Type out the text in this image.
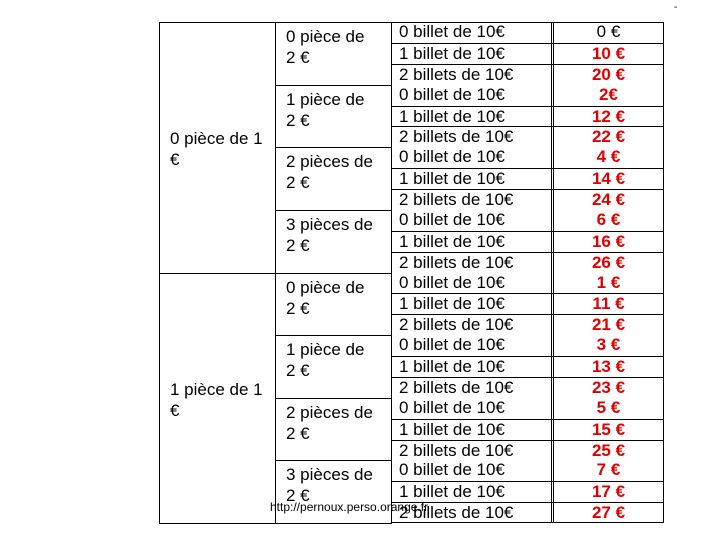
-
0 pièce de 1
€
0 pièce de
2 €
0 billet de 10€	0 €
1 billet de 10€	10 €
2 billets de 10€	20 €
1 pièce de
2 €
0 billet de 10€	2€
1 billet de 10€	12 €
2 billets de 10€	22 €
2 pièces de
2 €
0 billet de 10€	4 €
1 billet de 10€	14 €
2 billets de 10€	24 €
3 pièces de
2 €
0 billet de 10€	6 €
1 billet de 10€	16 €
2 billets de 10€	26 €
1 pièce de 1
€
0 pièce de
2 €
0 billet de 10€	1 €
1 billet de 10€	11 €
2 billets de 10€	21 €
1 pièce de
2 €
0 billet de 10€	3 €
1 billet de 10€	13 €
2 billets de 10€	23 €
2 pièces de
2 €
0 billet de 10€	5 €
1 billet de 10€	15 €
2 billets de 10€	25 €
3 pièces de
2 €
0 billet de 10€	7 €
1 billet de 10€	17 €
2 billets de 10€	27 €
http://pernoux.perso.orange.fr
